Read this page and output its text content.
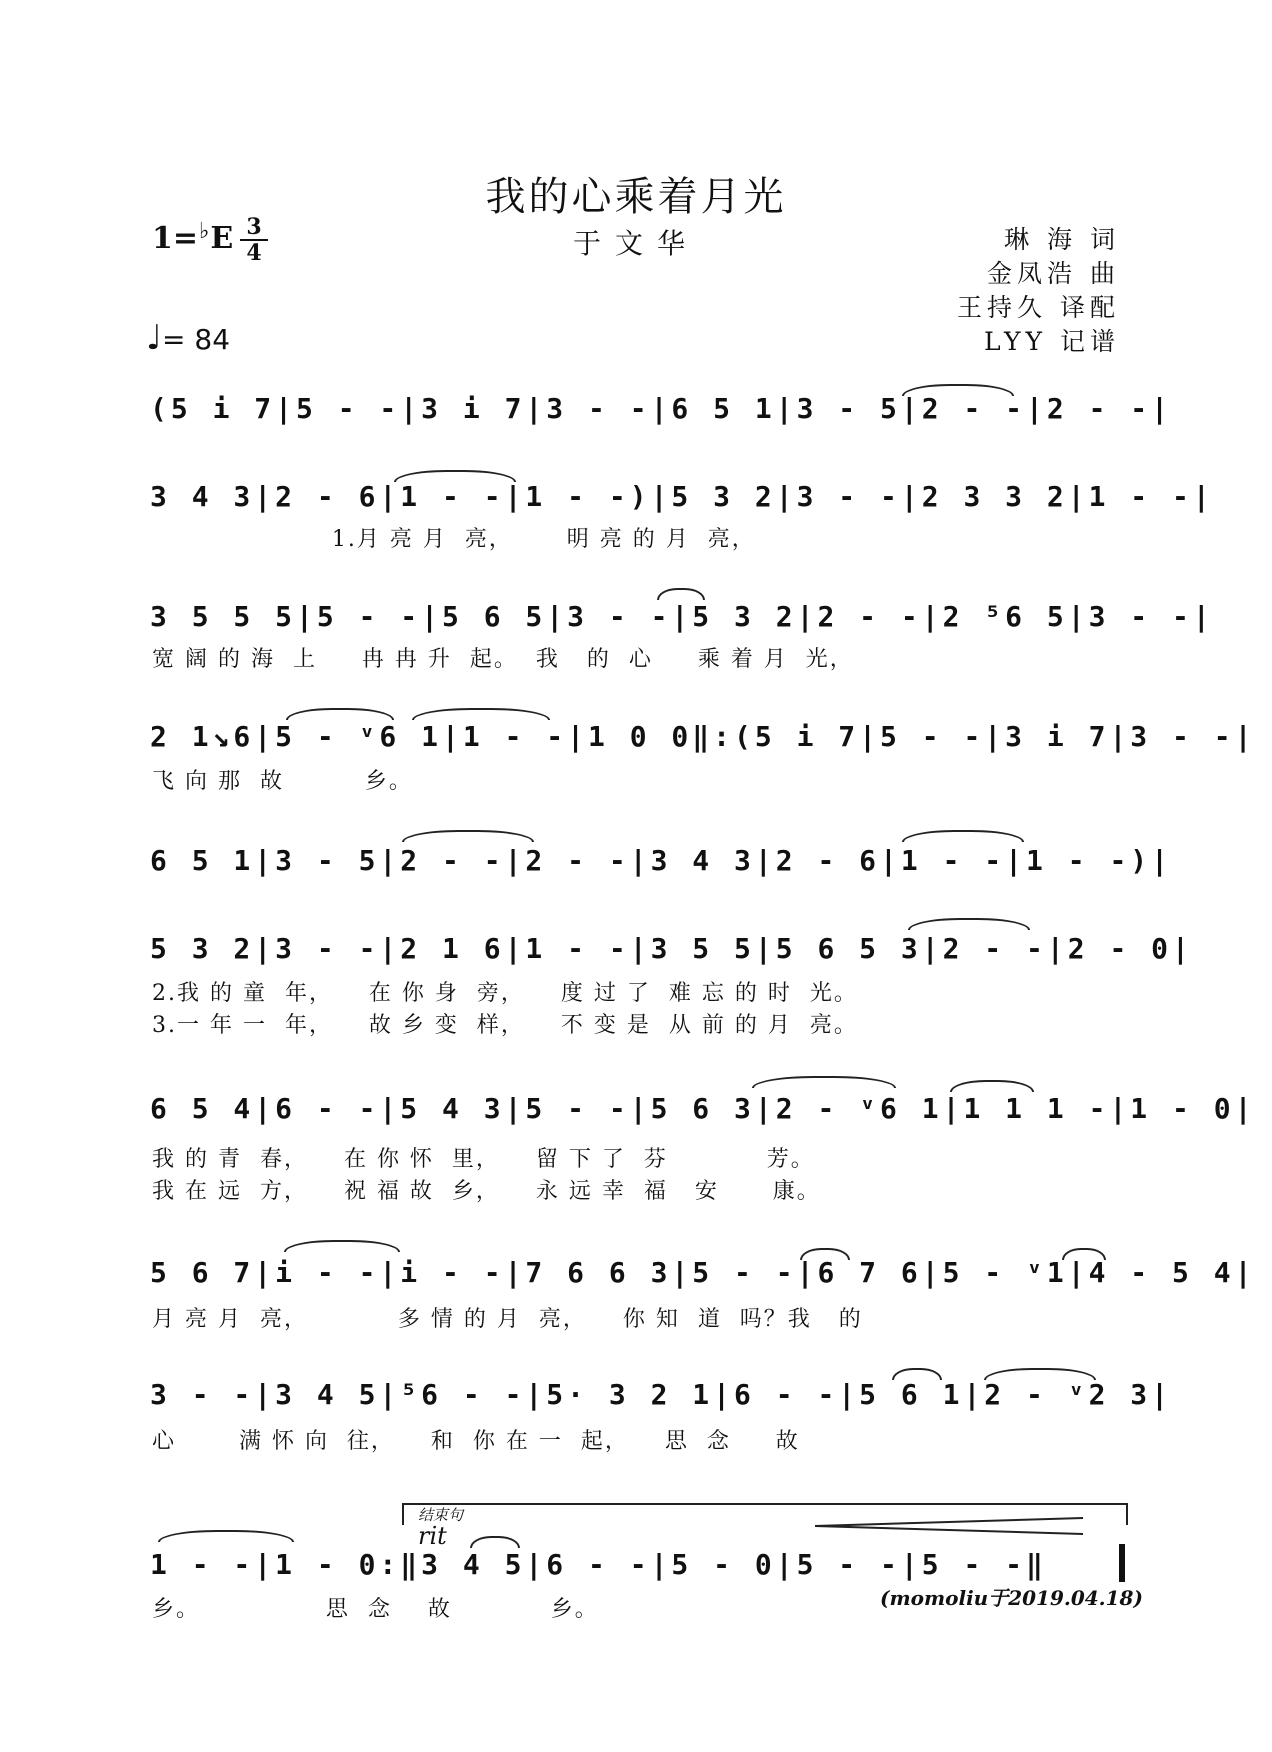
我的心乘着月光
于文华
1=♭E 3
4
♩= 84
琳 海 词
金凤浩 曲
王持久 译配
LYY 记谱
(5 i 7|5 - -|3 i 7|3 - -|6 5 1|3 - 5|2 - -|2 - -|
3 4 3|2 - 6|1 - -|1 - -)|5 3 2|3 - -|2 3 3 2|1 - -|
1.月 亮 月  亮，      明 亮 的 月  亮，
3 5 5 5|5 - -|5 6 5|3 - -|5 3 2|2 - -|2 ⁵6 5|3 - -|
宽 阔 的 海  上     冉 冉 升  起。  我   的  心     乘 着 月  光，
2 1↘6|5 - ᵛ6 1|1 - -|1 0 0‖:(5 i 7|5 - -|3 i 7|3 - -|
飞 向 那  故         乡。
6 5 1|3 - 5|2 - -|2 - -|3 4 3|2 - 6|1 - -|1 - -)|
5 3 2|3 - -|2 1 6|1 - -|3 5 5|5 6 5 3|2 - -|2 - 0|
2.我 的 童  年，    在 你 身  旁，    度 过 了  难 忘 的 时  光。
3.一 年 一  年，    故 乡 变  样，    不 变 是  从 前 的 月  亮。
6 5 4|6 - -|5 4 3|5 - -|5 6 3|2 - ᵛ6 1|1 1 1 -|1 - 0|
我 的 青  春，    在 你 怀  里，    留 下 了  芬           芳。
我 在 远  方，    祝 福 故  乡，    永 远 幸  福   安      康。
5 6 7|i - -|i - -|7 6 6 3|5 - -|6 7 6|5 - ᵛ1|4 - 5 4|
月 亮 月  亮，          多 情 的 月  亮，    你 知  道  吗？我   的
3 - -|3 4 5|⁵6 - -|5· 3 2 1|6 - -|5 6 1|2 - ᵛ2 3|
心       满 怀 向  往，    和  你 在 一  起，    思  念     故
结束句
rit
1 - -|1 - 0:‖3 4 5|6 - -|5 - 0|5 - -|5 - -‖
乡。              思  念    故           乡。	(momoliu于2019.04.18)
